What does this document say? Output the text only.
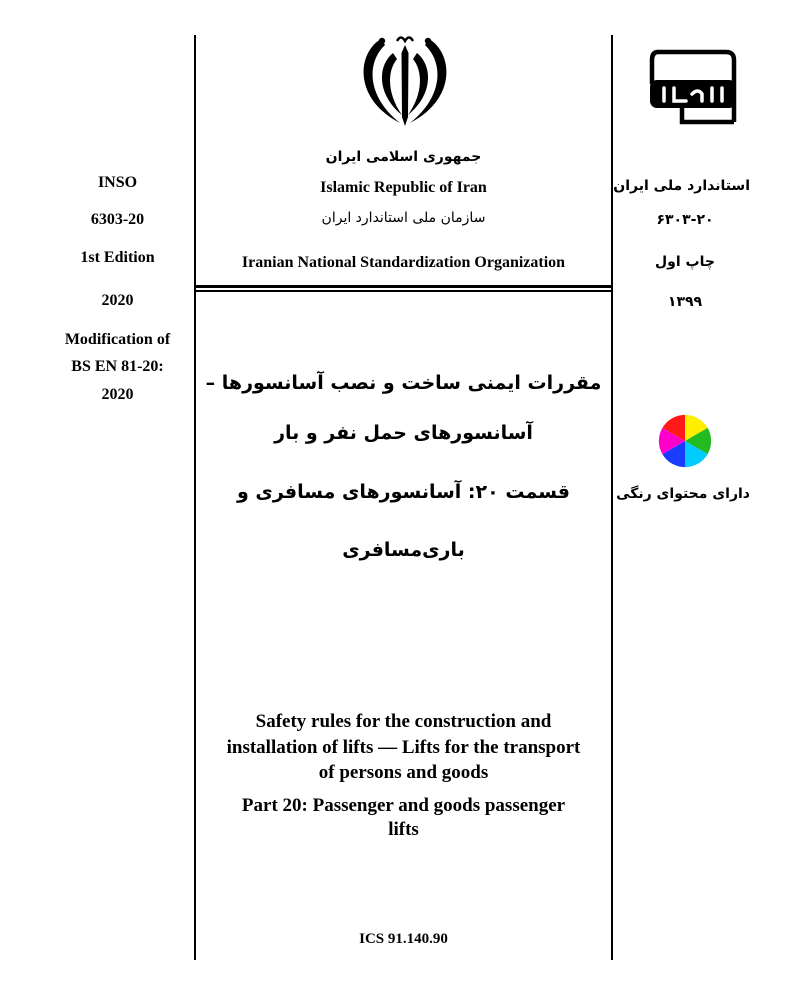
INSO
6303-20
1st Edition
2020
Modification of
BS EN 81-20:
2020
جمهوری اسلامی ایران
Islamic Republic of Iran
سازمان ملی استاندارد ایران
Iranian National Standardization Organization
مقررات ایمنی ساخت و نصب آسانسورها –
آسانسورهای حمل نفر و بار
قسمت ۲۰: آسانسورهای مسافری و
باری‌مسافری
Safety rules for the construction and
installation of lifts — Lifts for the transport
of persons and goods
Part 20: Passenger and goods passenger
lifts
ICS 91.140.90
استاندارد ملی ایران
۶۳۰۳-۲۰
چاپ اول
۱۳۹۹
دارای محتوای رنگی
